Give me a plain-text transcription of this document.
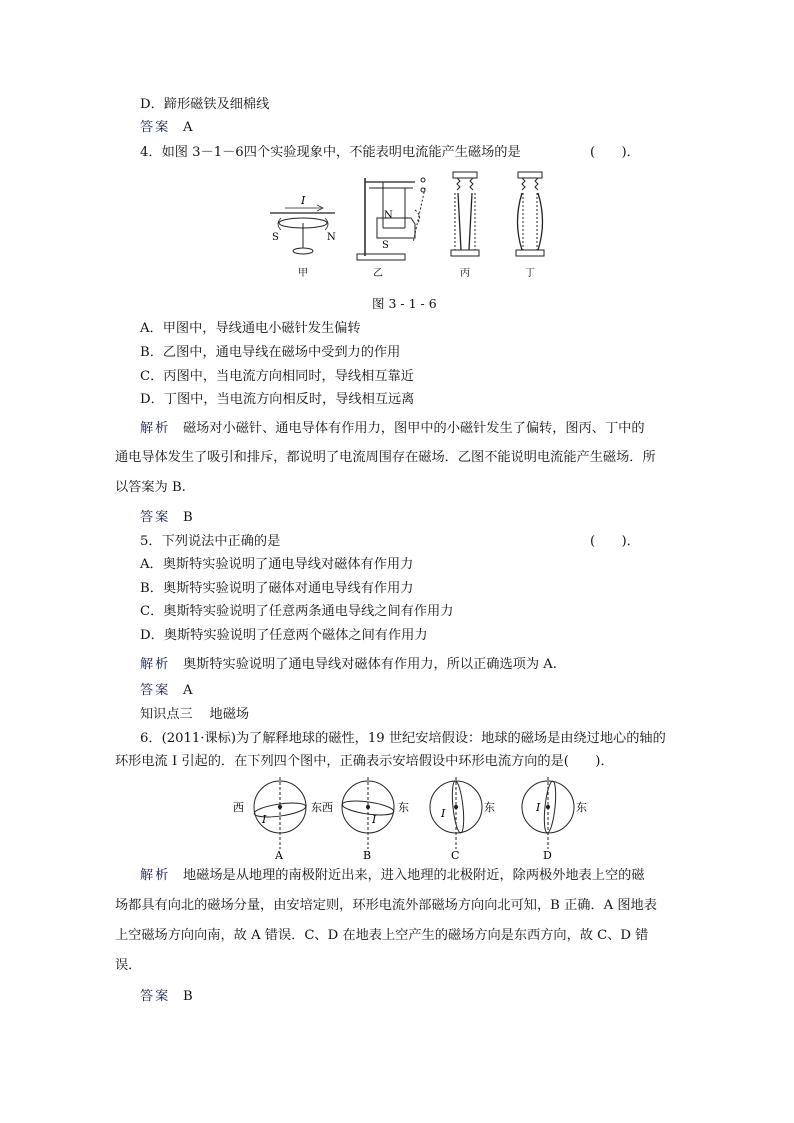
D．蹄形磁铁及细棉线
答案 A
4．如图 3－1－6四个实验现象中，不能表明电流能产生磁场的是	(　　)．
I
S	N
甲
N
S
乙	丙	丁
图 3 - 1 - 6
A．甲图中，导线通电小磁针发生偏转
B．乙图中，通电导线在磁场中受到力的作用
C．丙图中，当电流方向相同时，导线相互靠近
D．丁图中，当电流方向相反时，导线相互远离
解析 磁场对小磁针、通电导体有作用力，图甲中的小磁针发生了偏转，图丙、丁中的
通电导体发生了吸引和排斥，都说明了电流周围存在磁场．乙图不能说明电流能产生磁场．所
以答案为 B.
答案 B
5．下列说法中正确的是	(　　)．
A．奥斯特实验说明了通电导线对磁体有作用力
B．奥斯特实验说明了磁体对通电导线有作用力
C．奥斯特实验说明了任意两条通电导线之间有作用力
D．奥斯特实验说明了任意两个磁体之间有作用力
解析 奥斯特实验说明了通电导线对磁体有作用力，所以正确选项为 A.
答案 A
知识点三 地磁场
6．(2011·课标)为了解释地球的磁性，19 世纪安培假设：地球的磁场是由绕过地心的轴的
环形电流 I 引起的．在下列四个图中，正确表示安培假设中环形电流方向的是(　　)．
西	东
I
A
西	东
I
B
I	东
C
I	东
D
解析 地磁场是从地理的南极附近出来，进入地理的北极附近，除两极外地表上空的磁
场都具有向北的磁场分量，由安培定则，环形电流外部磁场方向向北可知，B 正确．A 图地表
上空磁场方向向南，故 A 错误．C、D 在地表上空产生的磁场方向是东西方向，故 C、D 错
误．
答案 B
